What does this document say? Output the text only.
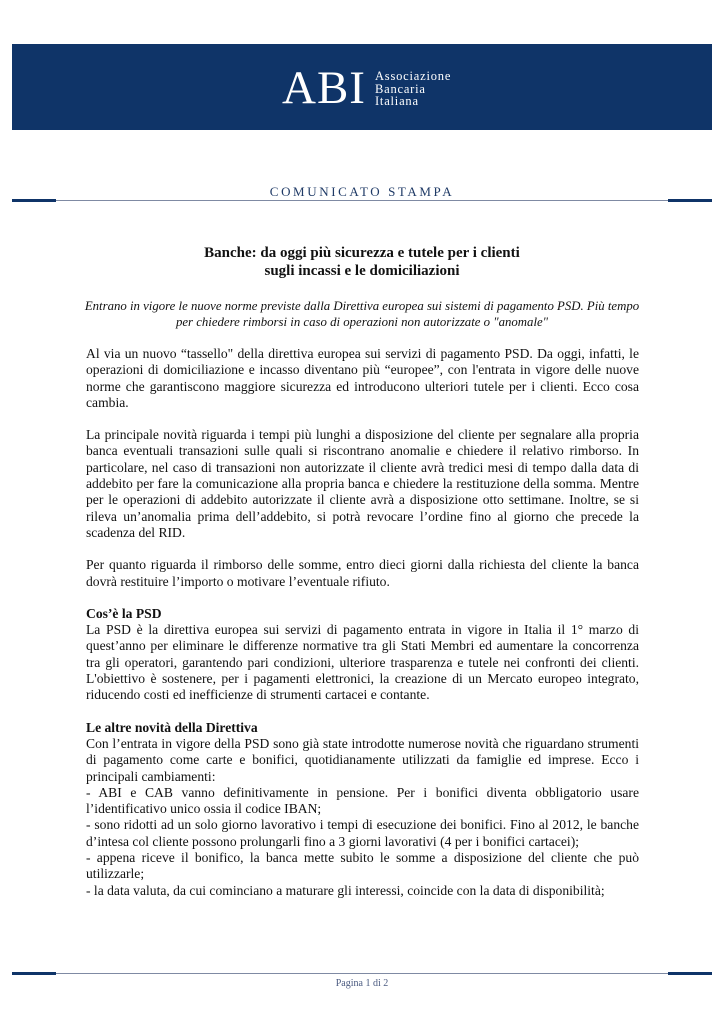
ABI Associazione
Bancaria
Italiana
COMUNICATO STAMPA
Banche: da oggi più sicurezza e tutele per i clienti
sugli incassi e le domiciliazioni
Entrano in vigore le nuove norme previste dalla Direttiva europea sui sistemi di pagamento PSD. Più tempo per chiedere rimborsi in caso di operazioni non autorizzate o "anomale"

Al via un nuovo “tassello" della direttiva europea sui servizi di pagamento PSD. Da oggi, infatti, le operazioni di domiciliazione e incasso diventano più “europee”, con l'entrata in vigore delle nuove norme che garantiscono maggiore sicurezza ed introducono ulteriori tutele per i clienti. Ecco cosa cambia.

La principale novità riguarda i tempi più lunghi a disposizione del cliente per segnalare alla propria banca eventuali transazioni sulle quali si riscontrano anomalie e chiedere il relativo rimborso. In particolare, nel caso di transazioni non autorizzate il cliente avrà tredici mesi di tempo dalla data di addebito per fare la comunicazione alla propria banca e chiedere la restituzione della somma. Mentre per le operazioni di addebito autorizzate il cliente avrà a disposizione otto settimane. Inoltre, se si rileva un’anomalia prima dell’addebito, si potrà revocare l’ordine fino al giorno che precede la scadenza del RID.

Per quanto riguarda il rimborso delle somme, entro dieci giorni dalla richiesta del cliente la banca dovrà restituire l’importo o motivare l’eventuale rifiuto.

Cos’è la PSD

La PSD è la direttiva europea sui servizi di pagamento entrata in vigore in Italia il 1° marzo di quest’anno per eliminare le differenze normative tra gli Stati Membri ed aumentare la concorrenza tra gli operatori, garantendo pari condizioni, ulteriore trasparenza e tutele nei confronti dei clienti. L'obiettivo è sostenere, per i pagamenti elettronici, la creazione di un Mercato europeo integrato, riducendo costi ed inefficienze di strumenti cartacei e contante.

Le altre novità della Direttiva

Con l’entrata in vigore della PSD sono già state introdotte numerose novità che riguardano strumenti di pagamento come carte e bonifici, quotidianamente utilizzati da famiglie ed imprese. Ecco i principali cambiamenti:

- ABI e CAB vanno definitivamente in pensione. Per i bonifici diventa obbligatorio usare l’identificativo unico ossia il codice IBAN;
- sono ridotti ad un solo giorno lavorativo i tempi di esecuzione dei bonifici. Fino al 2012, le banche d’intesa col cliente possono prolungarli fino a 3 giorni lavorativi (4 per i bonifici cartacei);
- appena riceve il bonifico, la banca mette subito le somme a disposizione del cliente che può utilizzarle;
- la data valuta, da cui cominciano a maturare gli interessi, coincide con la data di disponibilità;
Pagina 1 di 2
